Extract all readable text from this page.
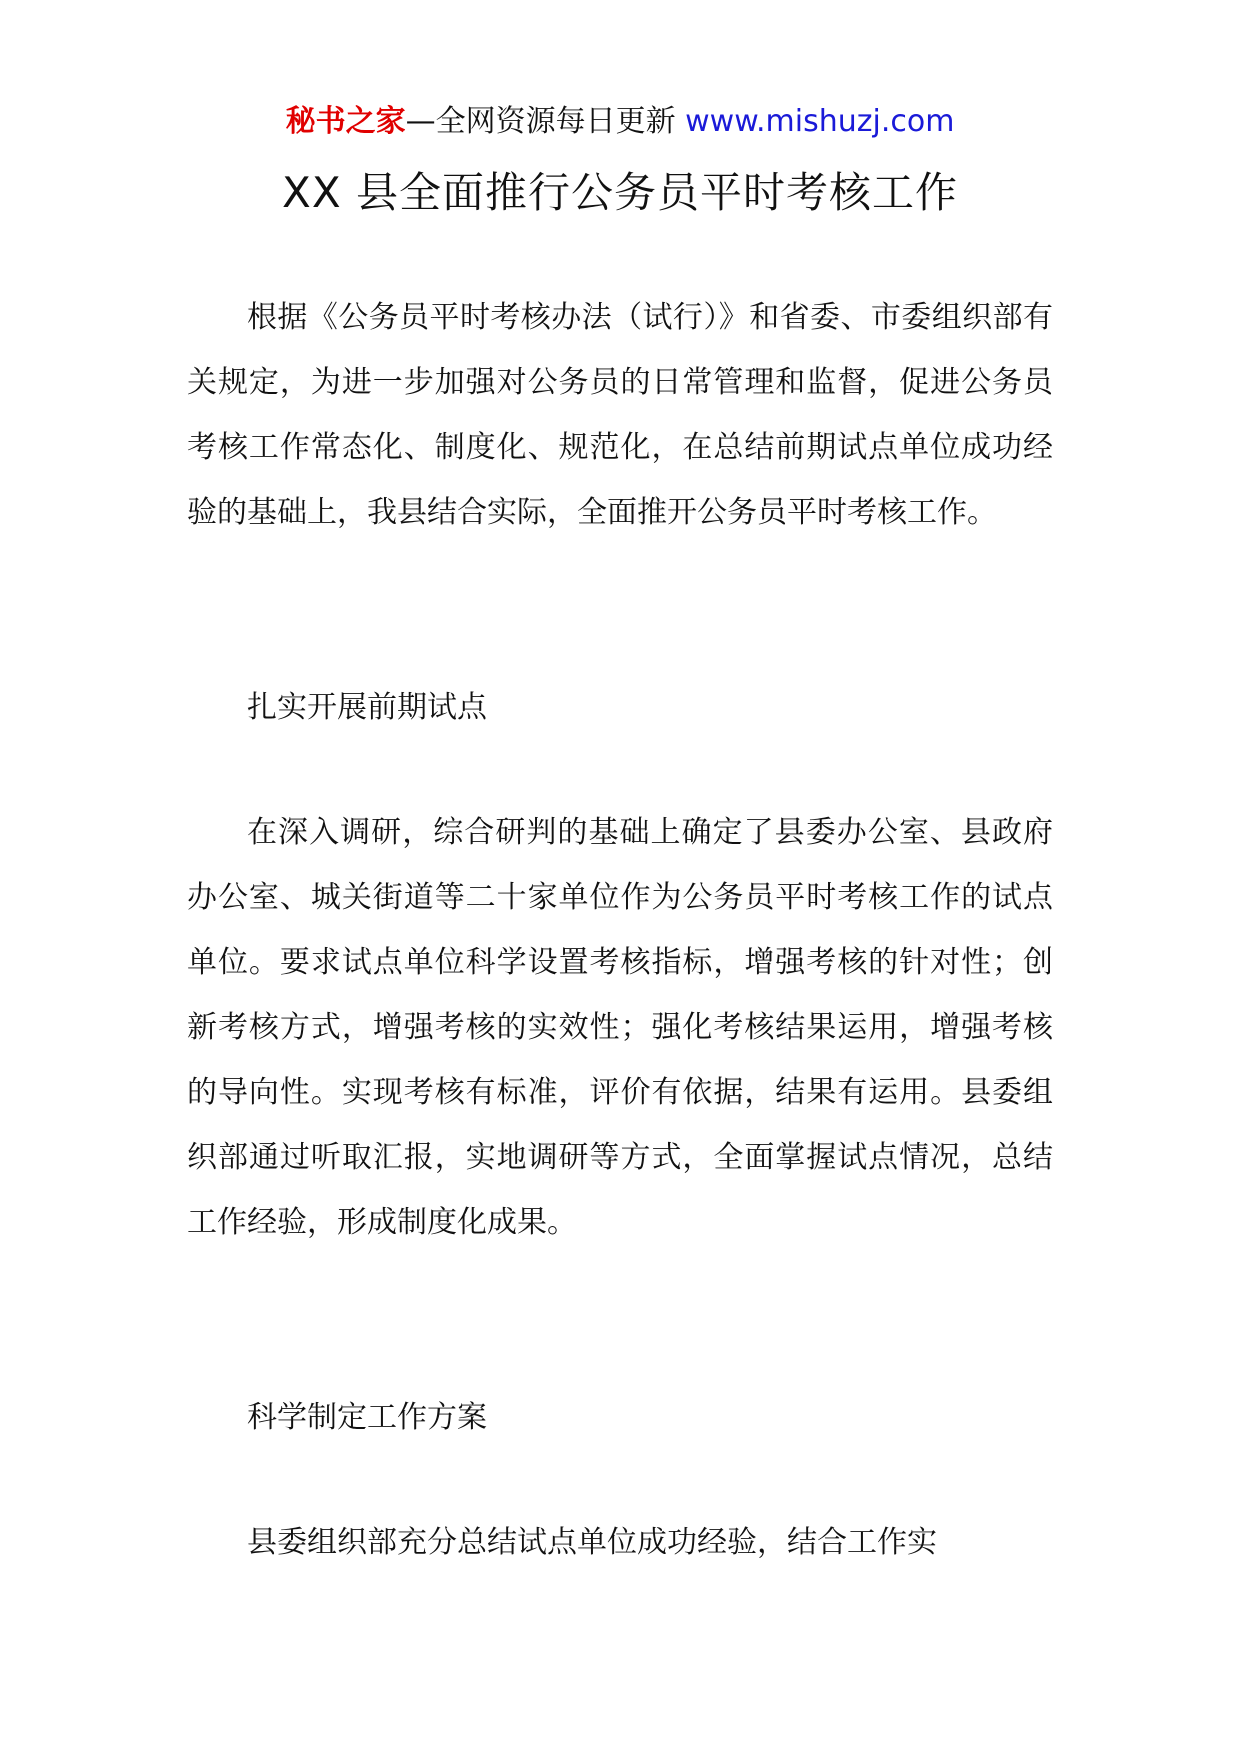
秘书之家—全网资源每日更新 www.mishuzj.com
XX 县全面推行公务员平时考核工作

根据《公务员平时考核办法（试行）》和省委、市委组织部有关规定，为进一步加强对公务员的日常管理和监督，促进公务员考核工作常态化、制度化、规范化，在总结前期试点单位成功经验的基础上，我县结合实际，全面推开公务员平时考核工作。

扎实开展前期试点

在深入调研，综合研判的基础上确定了县委办公室、县政府办公室、城关街道等二十家单位作为公务员平时考核工作的试点单位。要求试点单位科学设置考核指标，增强考核的针对性；创新考核方式，增强考核的实效性；强化考核结果运用，增强考核的导向性。实现考核有标准，评价有依据，结果有运用。县委组织部通过听取汇报，实地调研等方式，全面掌握试点情况，总结工作经验，形成制度化成果。

科学制定工作方案

县委组织部充分总结试点单位成功经验，结合工作实
